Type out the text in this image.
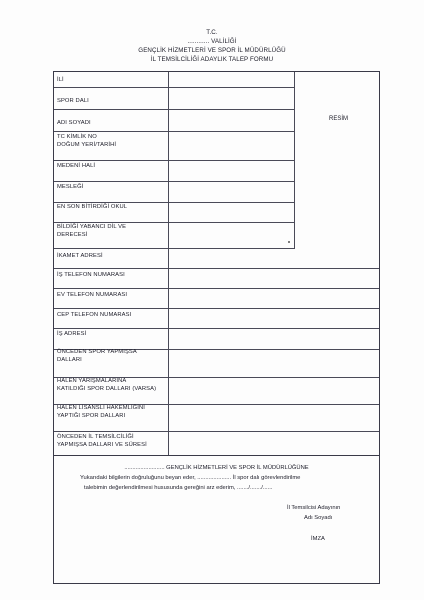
T.C.
............ VALİLİĞİ
GENÇLİK HİZMETLERİ VE SPOR İL MÜDÜRLÜĞÜ
İL TEMSİLCİLİĞİ ADAYLIK TALEP FORMU
RESİM
......................... GENÇLİK HİZMETLERİ VE SPOR İL MÜDÜRLÜĞÜNE
Yukarıdaki bilgilerin doğruluğunu beyan eder, ..................... İl spor dalı görevlendirilme
talebimin değerlendirilmesi hususunda gereğini arz ederim, ......./......./......
İl Temsilcisi Adayının
Adı Soyadı
İMZA
İLİ
SPOR DALI
ADI SOYADI
TC KİMLİK NO
DOĞUM YERİ/TARİHİ
MEDENİ HALİ
MESLEĞİ
EN SON BİTİRDİĞİ OKUL
BİLDİĞİ YABANCI DİL VE
DERECESİ
İKAMET ADRESİ
İŞ TELEFON NUMARASI
EV TELEFON NUMARASI
CEP TELEFON NUMARASI
İŞ ADRESİ
ÖNCEDEN SPOR YAPMIŞSA
DALLARI
HALEN YARIŞMALARINA
KATILDIĞI SPOR DALLARI (VARSA)
HALEN LİSANSLI HAKEMLİĞİNİ
YAPTIĞI SPOR DALLARI
ÖNCEDEN İL TEMSİLCİLİĞİ
YAPMIŞSA DALLARI VE SÜRESİ
